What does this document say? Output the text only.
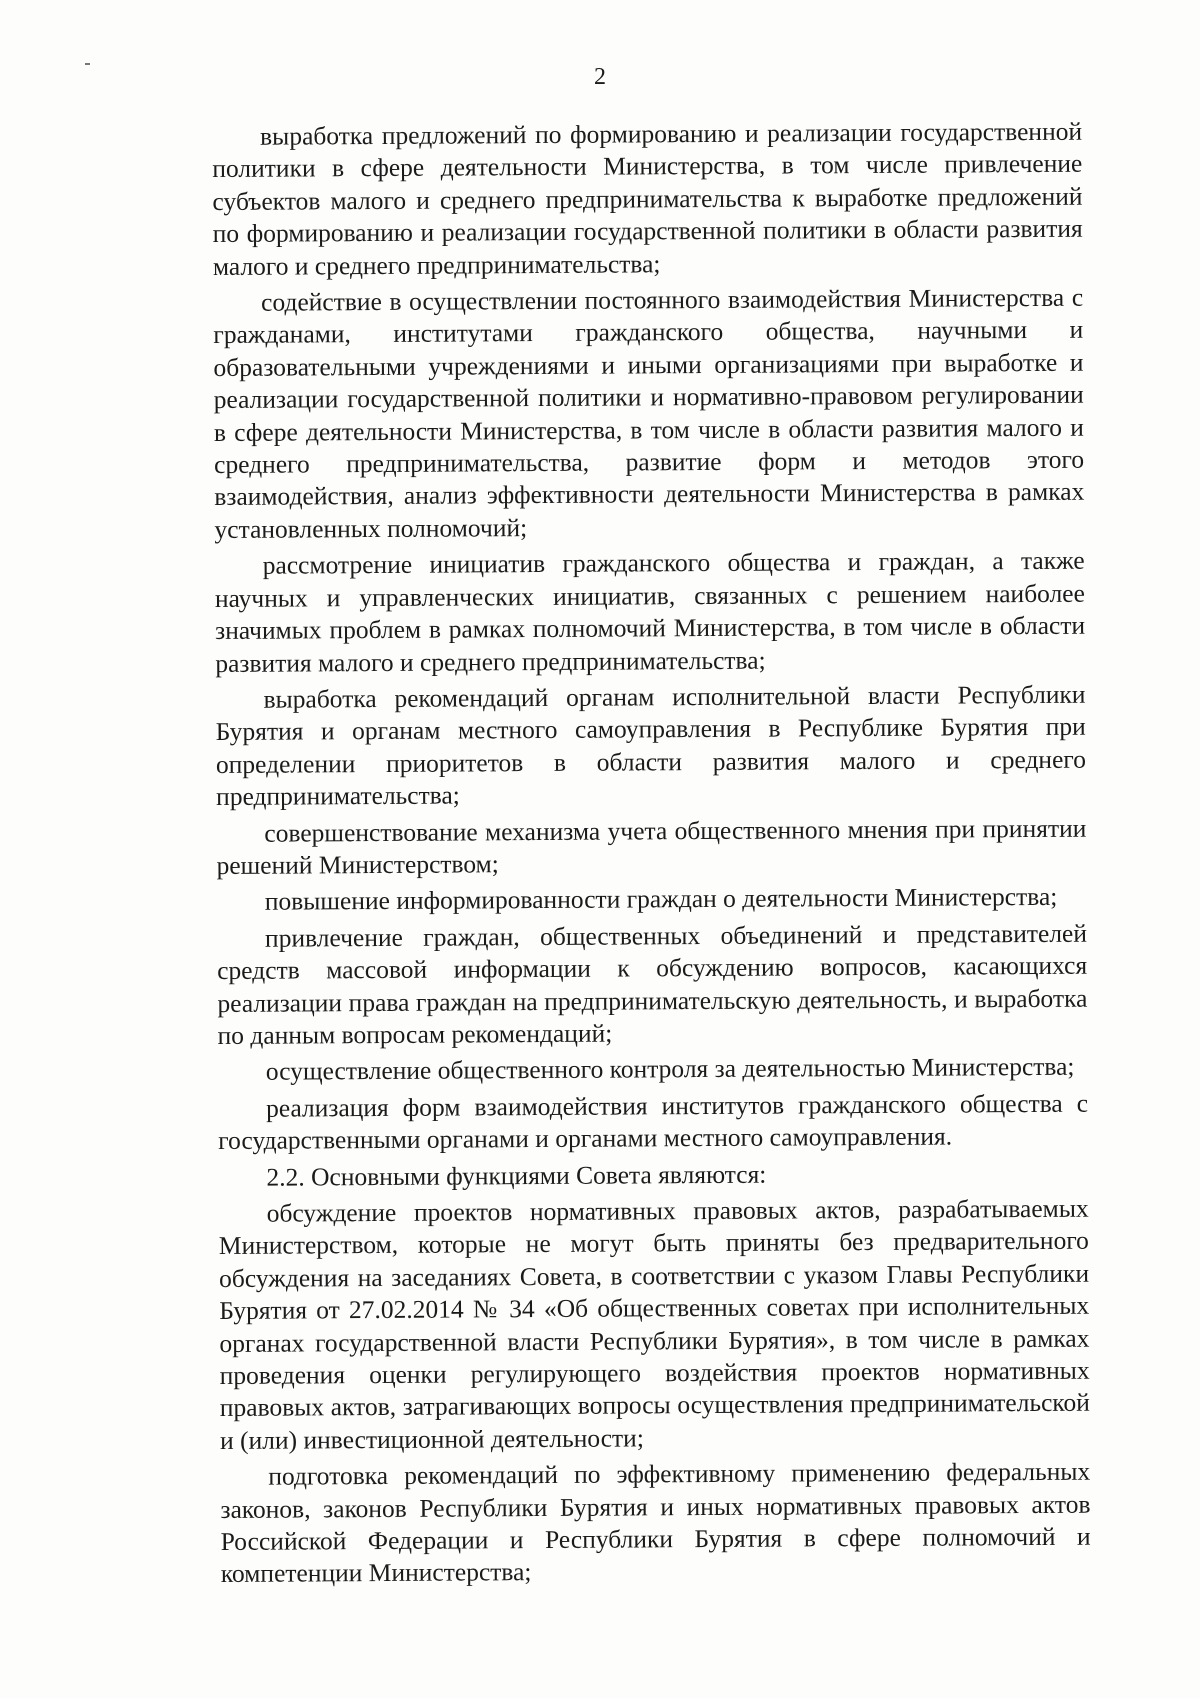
2

выработка предложений по формированию и реализации государственной политики в сфере деятельности Министерства, в том числе привлечение субъектов малого и среднего предпринимательства к выработке предложений по формированию и реализации государственной политики в области развития малого и среднего предпринимательства;

содействие в осуществлении постоянного взаимодействия Министерства с гражданами, институтами гражданского общества, научными и образовательными учреждениями и иными организациями при выработке и реализации государственной политики и нормативно-правовом регулировании в сфере деятельности Министерства, в том числе в области развития малого и среднего предпринимательства, развитие форм и методов этого взаимодействия, анализ эффективности деятельности Министерства в рамках установленных полномочий;

рассмотрение инициатив гражданского общества и граждан, а также научных и управленческих инициатив, связанных с решением наиболее значимых проблем в рамках полномочий Министерства, в том числе в области развития малого и среднего предпринимательства;

выработка рекомендаций органам исполнительной власти Республики Бурятия и органам местного самоуправления в Республике Бурятия при определении приоритетов в области развития малого и среднего предпринимательства;

совершенствование механизма учета общественного мнения при принятии решений Министерством;

повышение информированности граждан о деятельности Министерства;

привлечение граждан, общественных объединений и представителей средств массовой информации к обсуждению вопросов, касающихся реализации права граждан на предпринимательскую деятельность, и выработка по данным вопросам рекомендаций;

осуществление общественного контроля за деятельностью Министерства;

реализация форм взаимодействия институтов гражданского общества с государственными органами и органами местного самоуправления.

2.2. Основными функциями Совета являются:

обсуждение проектов нормативных правовых актов, разрабатываемых Министерством, которые не могут быть приняты без предварительного обсуждения на заседаниях Совета, в соответствии с указом Главы Республики Бурятия от 27.02.2014 № 34 «Об общественных советах при исполнительных органах государственной власти Республики Бурятия», в том числе в рамках проведения оценки регулирующего воздействия проектов нормативных правовых актов, затрагивающих вопросы осуществления предпринимательской и (или) инвестиционной деятельности;

подготовка рекомендаций по эффективному применению федеральных законов, законов Республики Бурятия и иных нормативных правовых актов Российской Федерации и Республики Бурятия в сфере полномочий и компетенции Министерства;
